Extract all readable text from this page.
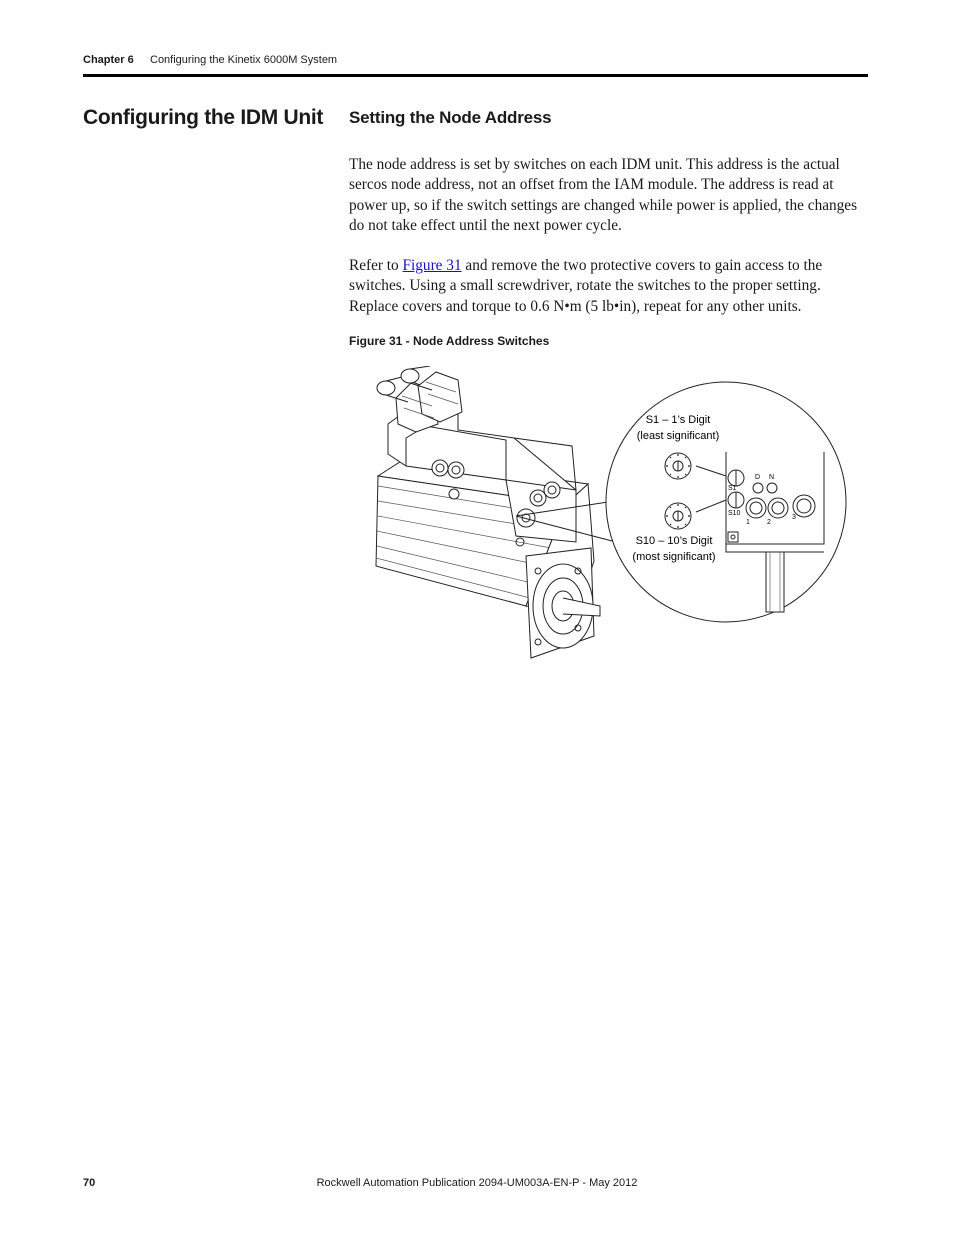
Chapter 6 Configuring the Kinetix 6000M System
Configuring the IDM Unit Setting the Node Address

The node address is set by switches on each IDM unit. This address is the actual sercos node address, not an offset from the IAM module. The address is read at power up, so if the switch settings are changed while power is applied, the changes do not take effect until the next power cycle.

Refer to Figure 31 and remove the two protective covers to gain access to the switches. Using a small screwdriver, rotate the switches to the proper setting. Replace covers and torque to 0.6 N•m (5 lb•in), repeat for any other units.

Figure 31 - Node Address Switches
S1 – 1’s Digit
(least significant)
S10 – 10’s Digit
(most significant)
S1
S10
D N
1 2
3
70	Rockwell Automation Publication 2094-UM003A-EN-P - May 2012
